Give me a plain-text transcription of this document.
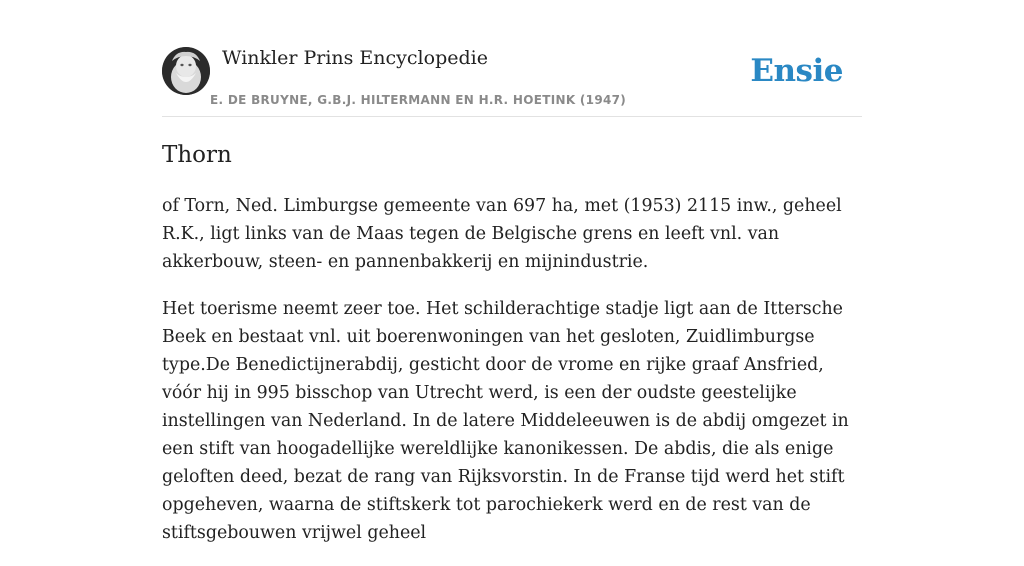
Winkler Prins Encyclopedie
E. DE BRUYNE, G.B.J. HILTERMANN EN H.R. HOETINK (1947)
Ensie
Thorn

of Torn, Ned. Limburgse gemeente van 697 ha, met (1953) 2115 inw., geheel R.K., ligt links van de Maas tegen de Belgische grens en leeft vnl. van akkerbouw, steen- en pannenbakkerij en mijnindustrie.

Het toerisme neemt zeer toe. Het schilderachtige stadje ligt aan de Ittersche Beek en bestaat vnl. uit boerenwoningen van het gesloten, Zuidlimburgse type.De Benedictijnerabdij, gesticht door de vrome en rijke graaf Ansfried, vóór hij in 995 bisschop van Utrecht werd, is een der oudste geestelijke instellingen van Nederland. In de latere Middeleeuwen is de abdij omgezet in een stift van hoogadellijke wereldlijke kanonikessen. De abdis, die als enige geloften deed, bezat de rang van Rijksvorstin. In de Franse tijd werd het stift opgeheven, waarna de stiftskerk tot parochiekerk werd en de rest van de stiftsgebouwen vrijwel geheel
